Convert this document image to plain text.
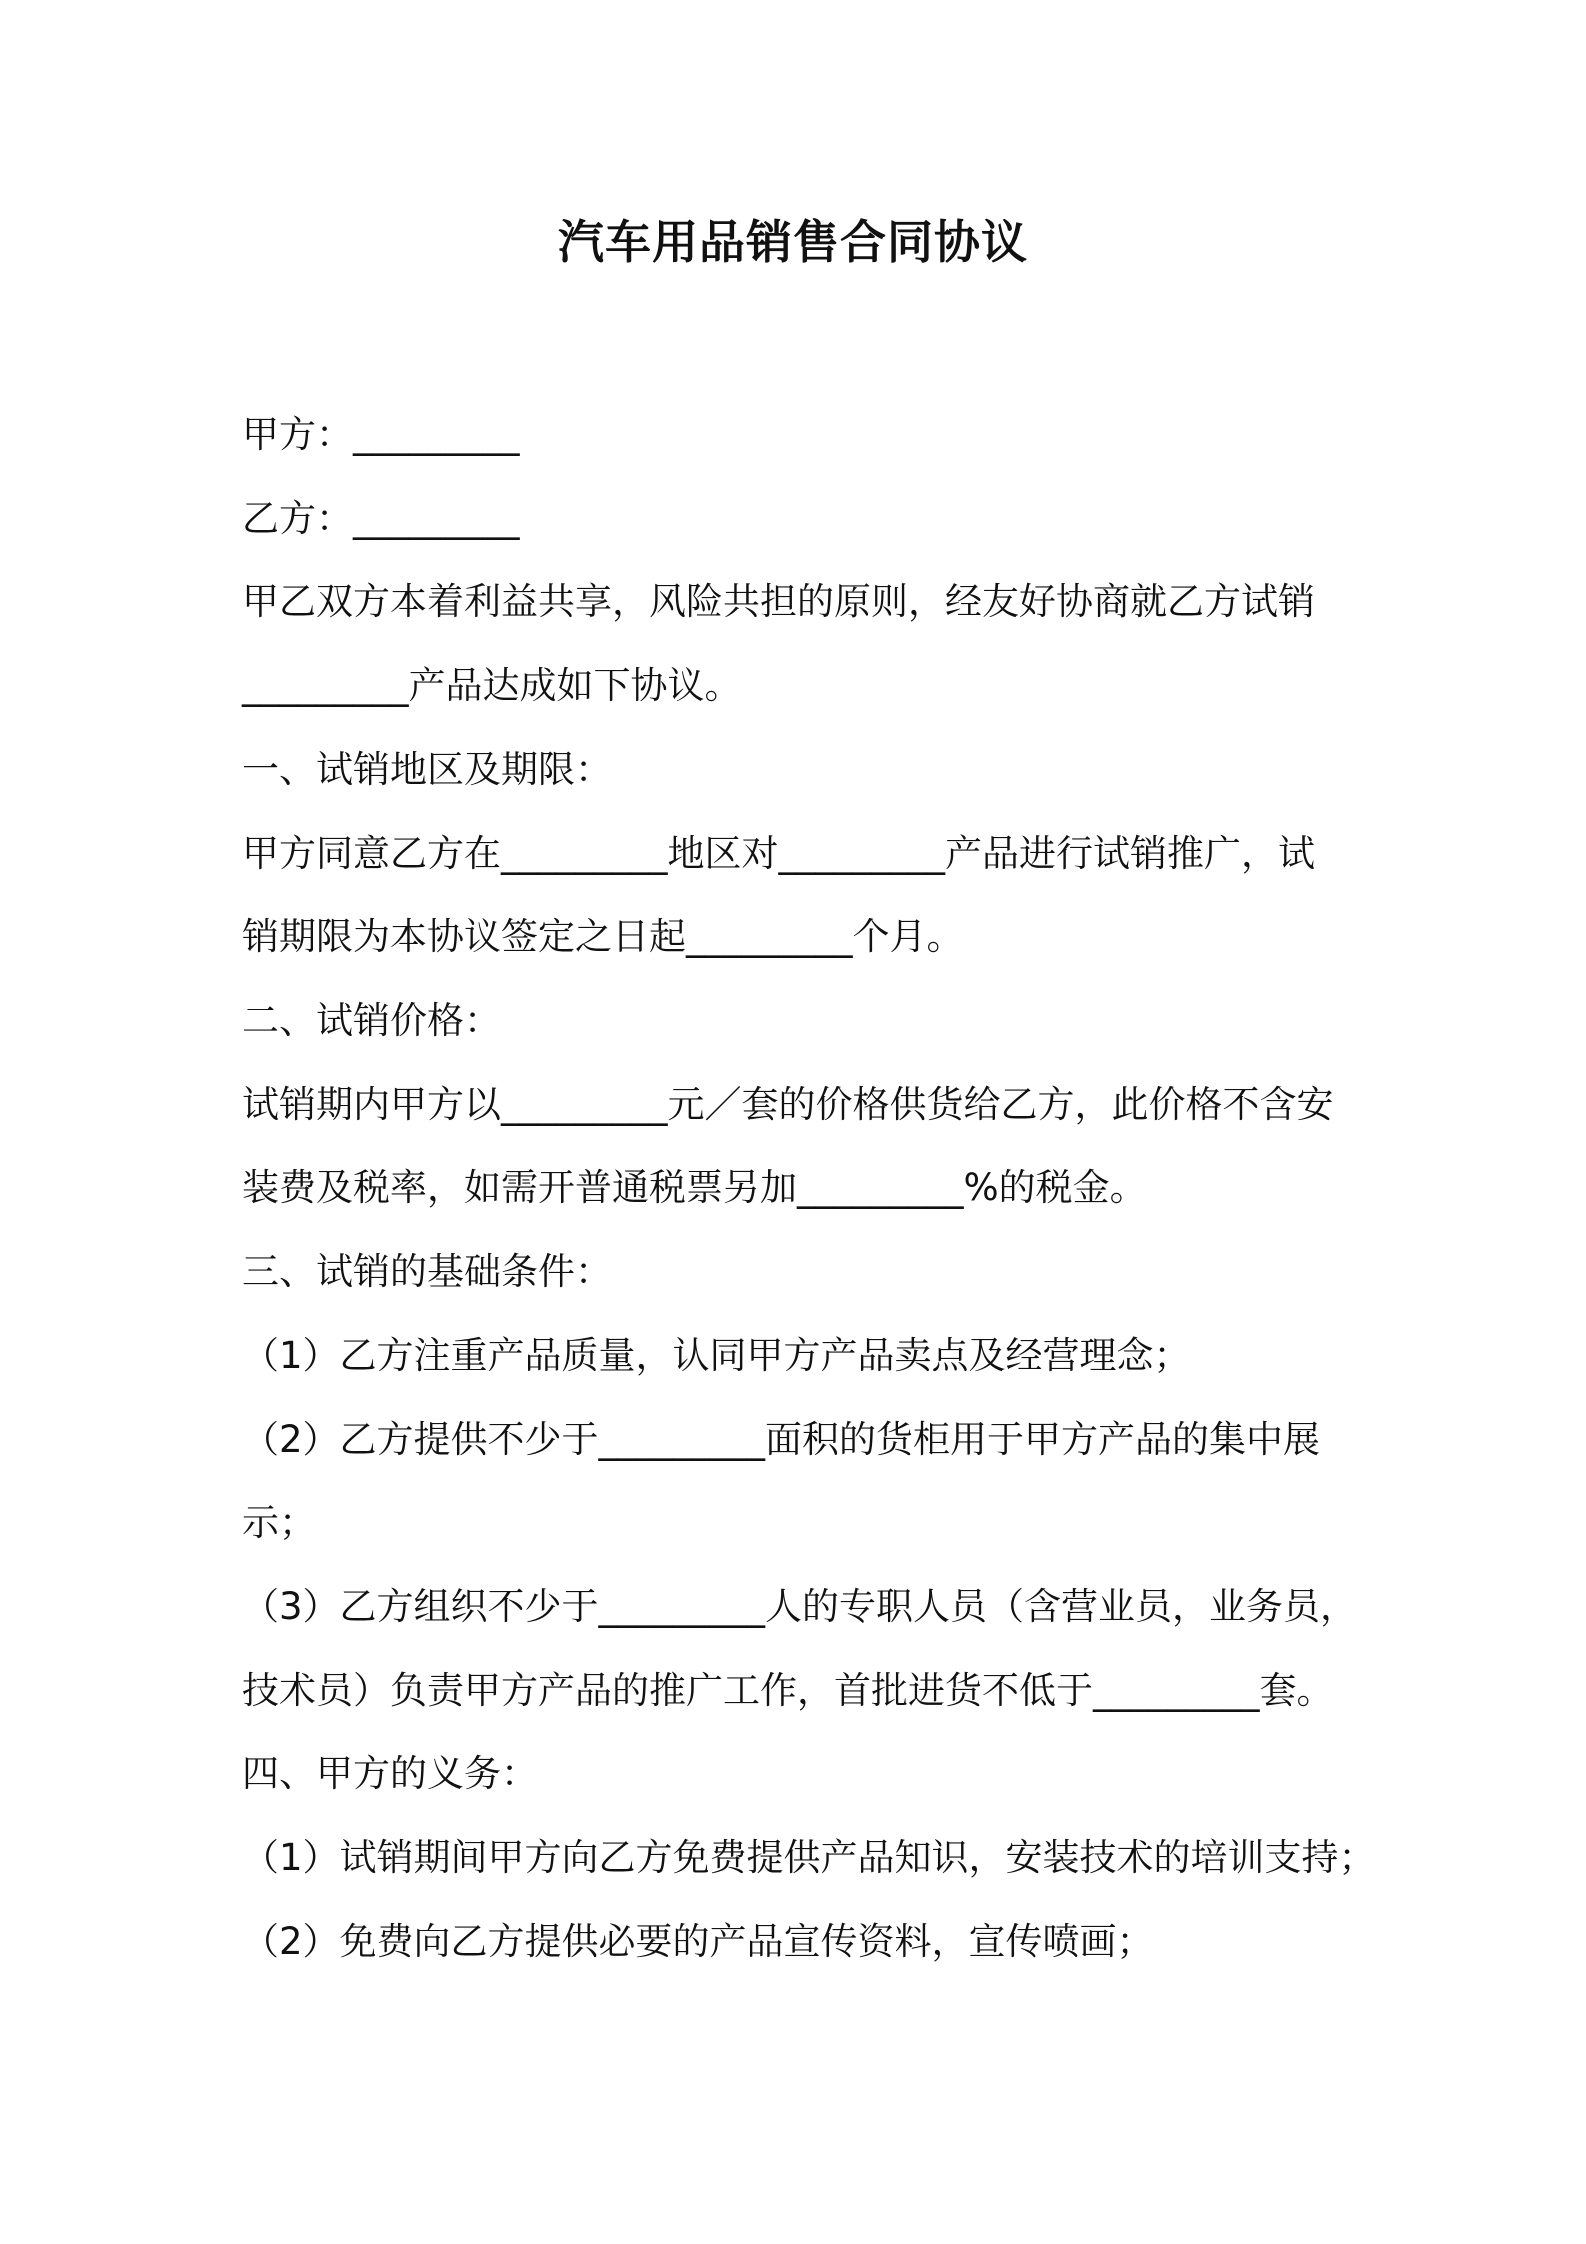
汽车用品销售合同协议
甲方：_________
乙方：_________
甲乙双方本着利益共享，风险共担的原则，经友好协商就乙方试销
_________产品达成如下协议。
一、试销地区及期限：
甲方同意乙方在_________地区对_________产品进行试销推广，试
销期限为本协议签定之日起_________个月。
二、试销价格：
试销期内甲方以_________元／套的价格供货给乙方，此价格不含安
装费及税率，如需开普通税票另加_________%的税金。
三、试销的基础条件：
（1）乙方注重产品质量，认同甲方产品卖点及经营理念；
（2）乙方提供不少于_________面积的货柜用于甲方产品的集中展
示；
（3）乙方组织不少于_________人的专职人员（含营业员，业务员，
技术员）负责甲方产品的推广工作，首批进货不低于_________套。
四、甲方的义务：
（1）试销期间甲方向乙方免费提供产品知识，安装技术的培训支持；
（2）免费向乙方提供必要的产品宣传资料，宣传喷画；
